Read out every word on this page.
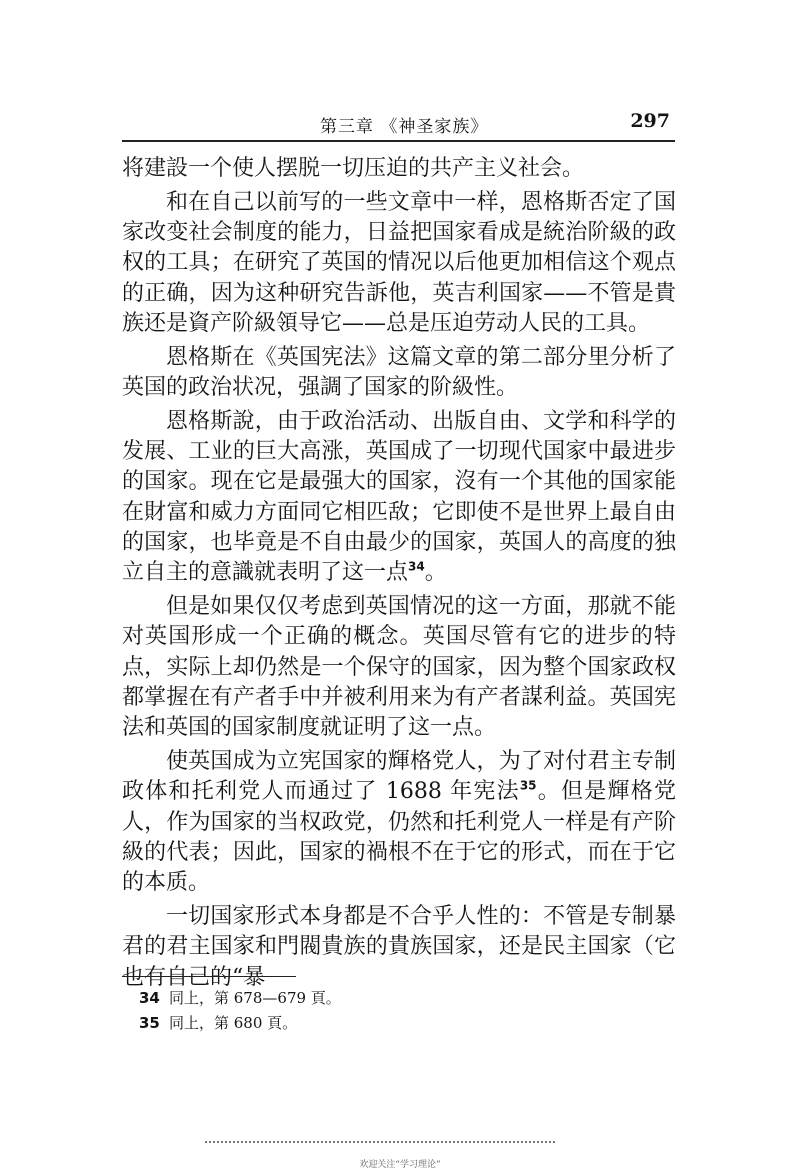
第三章 《神圣家族》	297

将建設一个使人摆脱一切压迫的共产主义社会。

和在自己以前写的一些文章中一样，恩格斯否定了国家改变社会制度的能力，日益把国家看成是統治阶級的政权的工具；在研究了英国的情况以后他更加相信这个观点的正确，因为这种研究告訴他，英吉利国家——不管是貴族还是資产阶級領导它——总是压迫劳动人民的工具。

恩格斯在《英国宪法》这篇文章的第二部分里分析了英国的政治状况，强調了国家的阶級性。

恩格斯說，由于政治活动、出版自由、文学和科学的发展、工业的巨大高涨，英国成了一切现代国家中最进步的国家。现在它是最强大的国家，沒有一个其他的国家能在財富和威力方面同它相匹敌；它即使不是世界上最自由的国家，也毕竟是不自由最少的国家，英国人的高度的独立自主的意識就表明了这一点$^{34}$。

但是如果仅仅考虑到英国情况的这一方面，那就不能对英国形成一个正确的概念。英国尽管有它的进步的特点，实际上却仍然是一个保守的国家，因为整个国家政权都掌握在有产者手中并被利用来为有产者謀利益。英国宪法和英国的国家制度就证明了这一点。

使英国成为立宪国家的輝格党人，为了对付君主专制政体和托利党人而通过了 1688 年宪法$^{35}$。但是輝格党人，作为国家的当权政党，仍然和托利党人一样是有产阶級的代表；因此，国家的禍根不在于它的形式，而在于它的本质。

一切国家形式本身都是不合乎人性的：不管是专制暴君的君主国家和門閥貴族的貴族国家，还是民主国家（它也有自己的“暴

34 同上，第 678—679 頁。
35 同上，第 680 頁。
欢迎关注“学习理论”
